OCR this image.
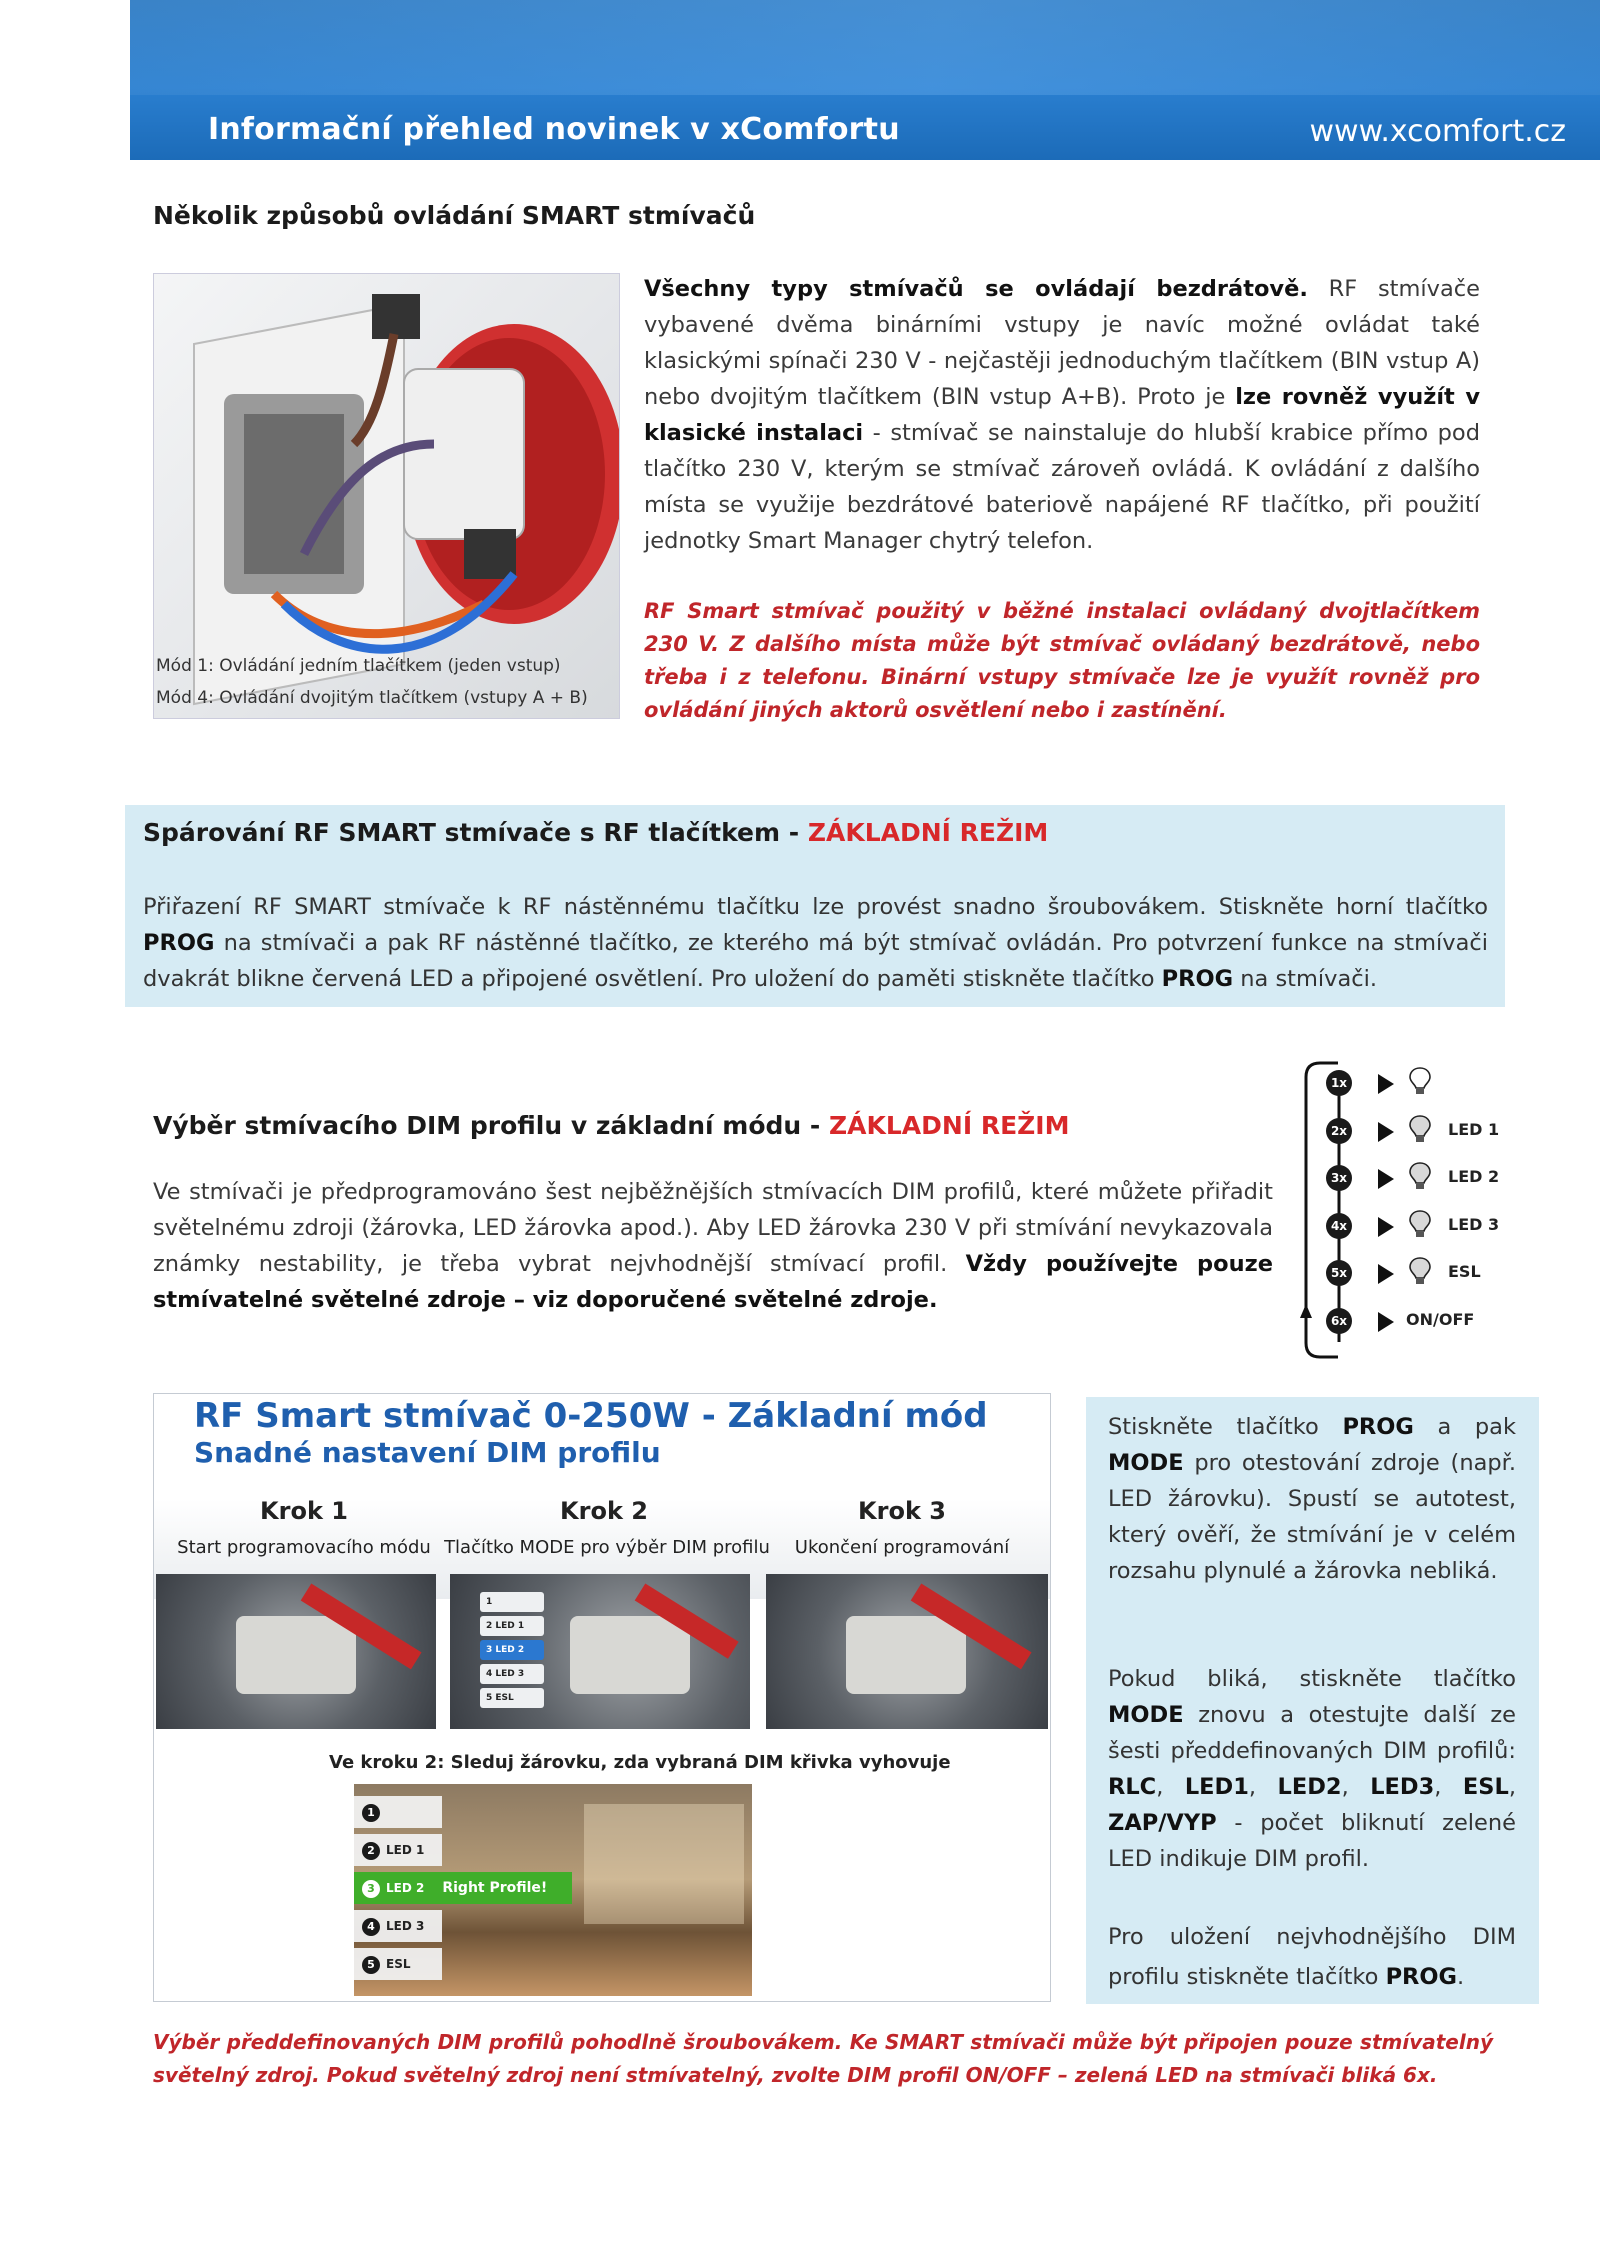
Informační přehled novinek v xComfortu	www.xcomfort.cz
Několik způsobů ovládání SMART stmívačů
Mód 1: Ovládání jedním tlačítkem (jeden vstup)
Mód 4: Ovládání dvojitým tlačítkem (vstupy A + B)
Všechny typy stmívačů se ovládají bezdrátově. RF stmívače vybavené dvěma binárními vstupy je navíc možné ovládat také klasickými spínači 230 V - nejčastěji jednoduchým tlačítkem (BIN vstup A) nebo dvojitým tlačítkem (BIN vstup A+B). Proto je lze rovněž využít v klasické instalaci - stmívač se nainstaluje do hlubší krabice přímo pod tlačítko 230 V, kterým se stmívač zároveň ovládá. K ovládání z dalšího místa se využije bezdrátové bateriově napájené RF tlačítko, při použití jednotky Smart Manager chytrý telefon.
RF Smart stmívač použitý v běžné instalaci ovládaný dvojtlačítkem 230 V. Z dalšího místa může být stmívač ovládaný bezdrátově, nebo třeba i z telefonu. Binární vstupy stmívače lze je využít rovněž pro ovládání jiných aktorů osvětlení nebo i zastínění.
Spárování RF SMART stmívače s RF tlačítkem - ZÁKLADNÍ REŽIM
Přiřazení RF SMART stmívače k RF nástěnnému tlačítku lze provést snadno šroubovákem. Stiskněte horní tlačítko PROG na stmívači a pak RF nástěnné tlačítko, ze kterého má být stmívač ovládán. Pro potvrzení funkce na stmívači dvakrát blikne červená LED a připojené osvětlení. Pro uložení do paměti stiskněte tlačítko PROG na stmívači.
Výběr stmívacího DIM profilu v základní módu - ZÁKLADNÍ REŽIM
Ve stmívači je předprogramováno šest nejběžnějších stmívacích DIM profilů, které můžete přiřadit světelnému zdroji (žárovka, LED žárovka apod.). Aby LED žárovka 230 V při stmívání nevykazovala známky nestability, je třeba vybrat nejvhodnější stmívací profil. Vždy používejte pouze stmívatelné světelné zdroje – viz doporučené světelné zdroje.
1x
2x	LED 1
3x	LED 2
4x	LED 3
5x	ESL
6x	ON/OFF
RF Smart stmívač 0-250W - Základní mód
Snadné nastavení DIM profilu
Krok 1
Start programovacího módu
Krok 2
Tlačítko MODE pro výběr DIM profilu
Krok 3
Ukončení programování
1
2 LED 1
3 LED 2
4 LED 3
5 ESL
Ve kroku 2: Sleduj žárovku, zda vybraná DIM křivka vyhovuje
1
2 LED 1
3 LED 2 Right Profile!
4 LED 3
5 ESL
Stiskněte tlačítko PROG a pak MODE pro otestování zdroje (např. LED žárovku). Spustí se autotest, který ověří, že stmívání je v celém rozsahu plynulé a žárovka nebliká.
Pokud bliká, stiskněte tlačítko MODE znovu a otestujte další ze šesti předdefinovaných DIM profilů: RLC, LED1, LED2, LED3, ESL, ZAP/VYP - počet bliknutí zelené LED indikuje DIM profil.
Pro uložení nejvhodnějšího DIM profilu stiskněte tlačítko PROG.
Výběr předdefinovaných DIM profilů pohodlně šroubovákem. Ke SMART stmívači může být připojen pouze stmívatelný světelný zdroj. Pokud světelný zdroj není stmívatelný, zvolte DIM profil ON/OFF – zelená LED na stmívači bliká 6x.
